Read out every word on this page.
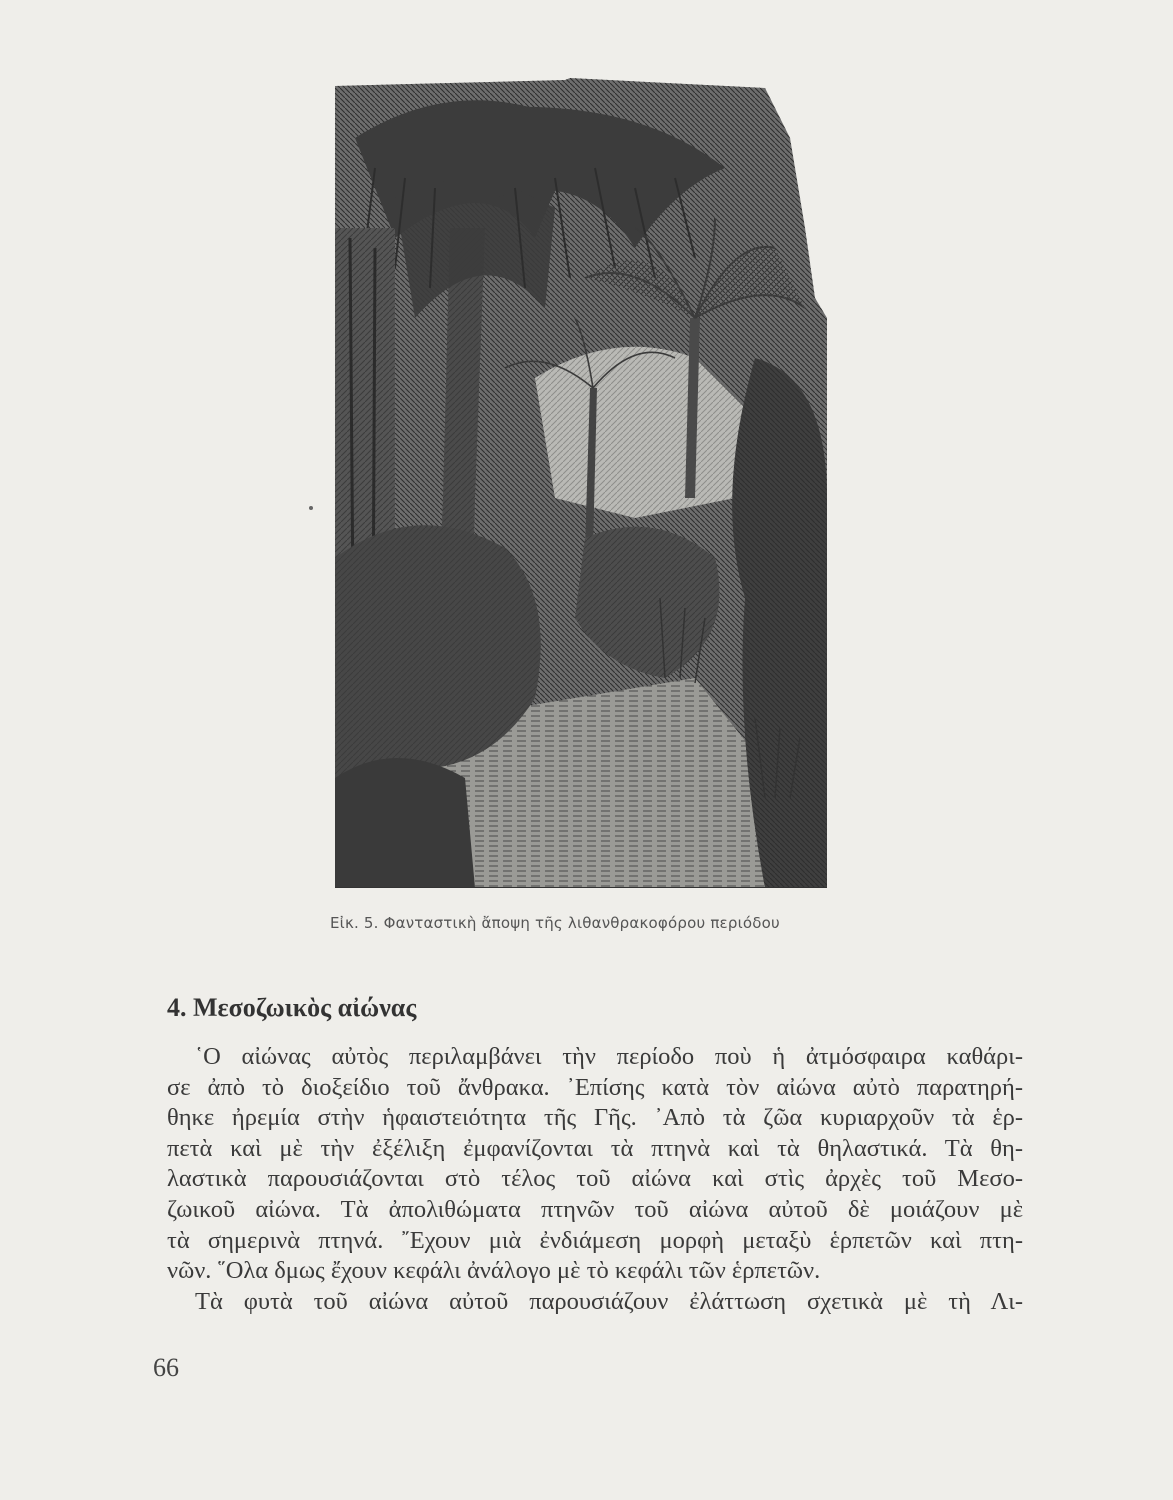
Εἰκ. 5. Φανταστικὴ ἄποψη τῆς λιθανθρακοφόρου περιόδου
4. Μεσοζωικὸς αἰώνας
῾Ο αἰώνας αὐτὸς περιλαμβάνει τὴν περίοδο ποὺ ἡ ἀτμόσφαιρα καθάρι-
σε ἀπὸ τὸ διοξείδιο τοῦ ἄνθρακα. ᾽Επίσης κατὰ τὸν αἰώνα αὐτὸ παρατηρή-
θηκε ἠρεμία στὴν ἡφαιστειότητα τῆς Γῆς. ᾽Απὸ τὰ ζῶα κυριαρχοῦν τὰ ἑρ-
πετὰ καὶ μὲ τὴν ἐξέλιξη ἐμφανίζονται τὰ πτηνὰ καὶ τὰ θηλαστικά. Τὰ θη-
λαστικὰ παρουσιάζονται στὸ τέλος τοῦ αἰώνα καὶ στὶς ἀρχὲς τοῦ Μεσο-
ζωικοῦ αἰώνα. Τὰ ἀπολιθώματα πτηνῶν τοῦ αἰώνα αὐτοῦ δὲ μοιάζουν μὲ
τὰ σημερινὰ πτηνά. ῎Εχουν μιὰ ἐνδιάμεση μορφὴ μεταξὺ ἑρπετῶν καὶ πτη-
νῶν. ῞Ολα δμως ἔχουν κεφάλι ἀνάλογο μὲ τὸ κεφάλι τῶν ἑρπετῶν.
Τὰ φυτὰ τοῦ αἰώνα αὐτοῦ παρουσιάζουν ἐλάττωση σχετικὰ μὲ τὴ Λι-
66
